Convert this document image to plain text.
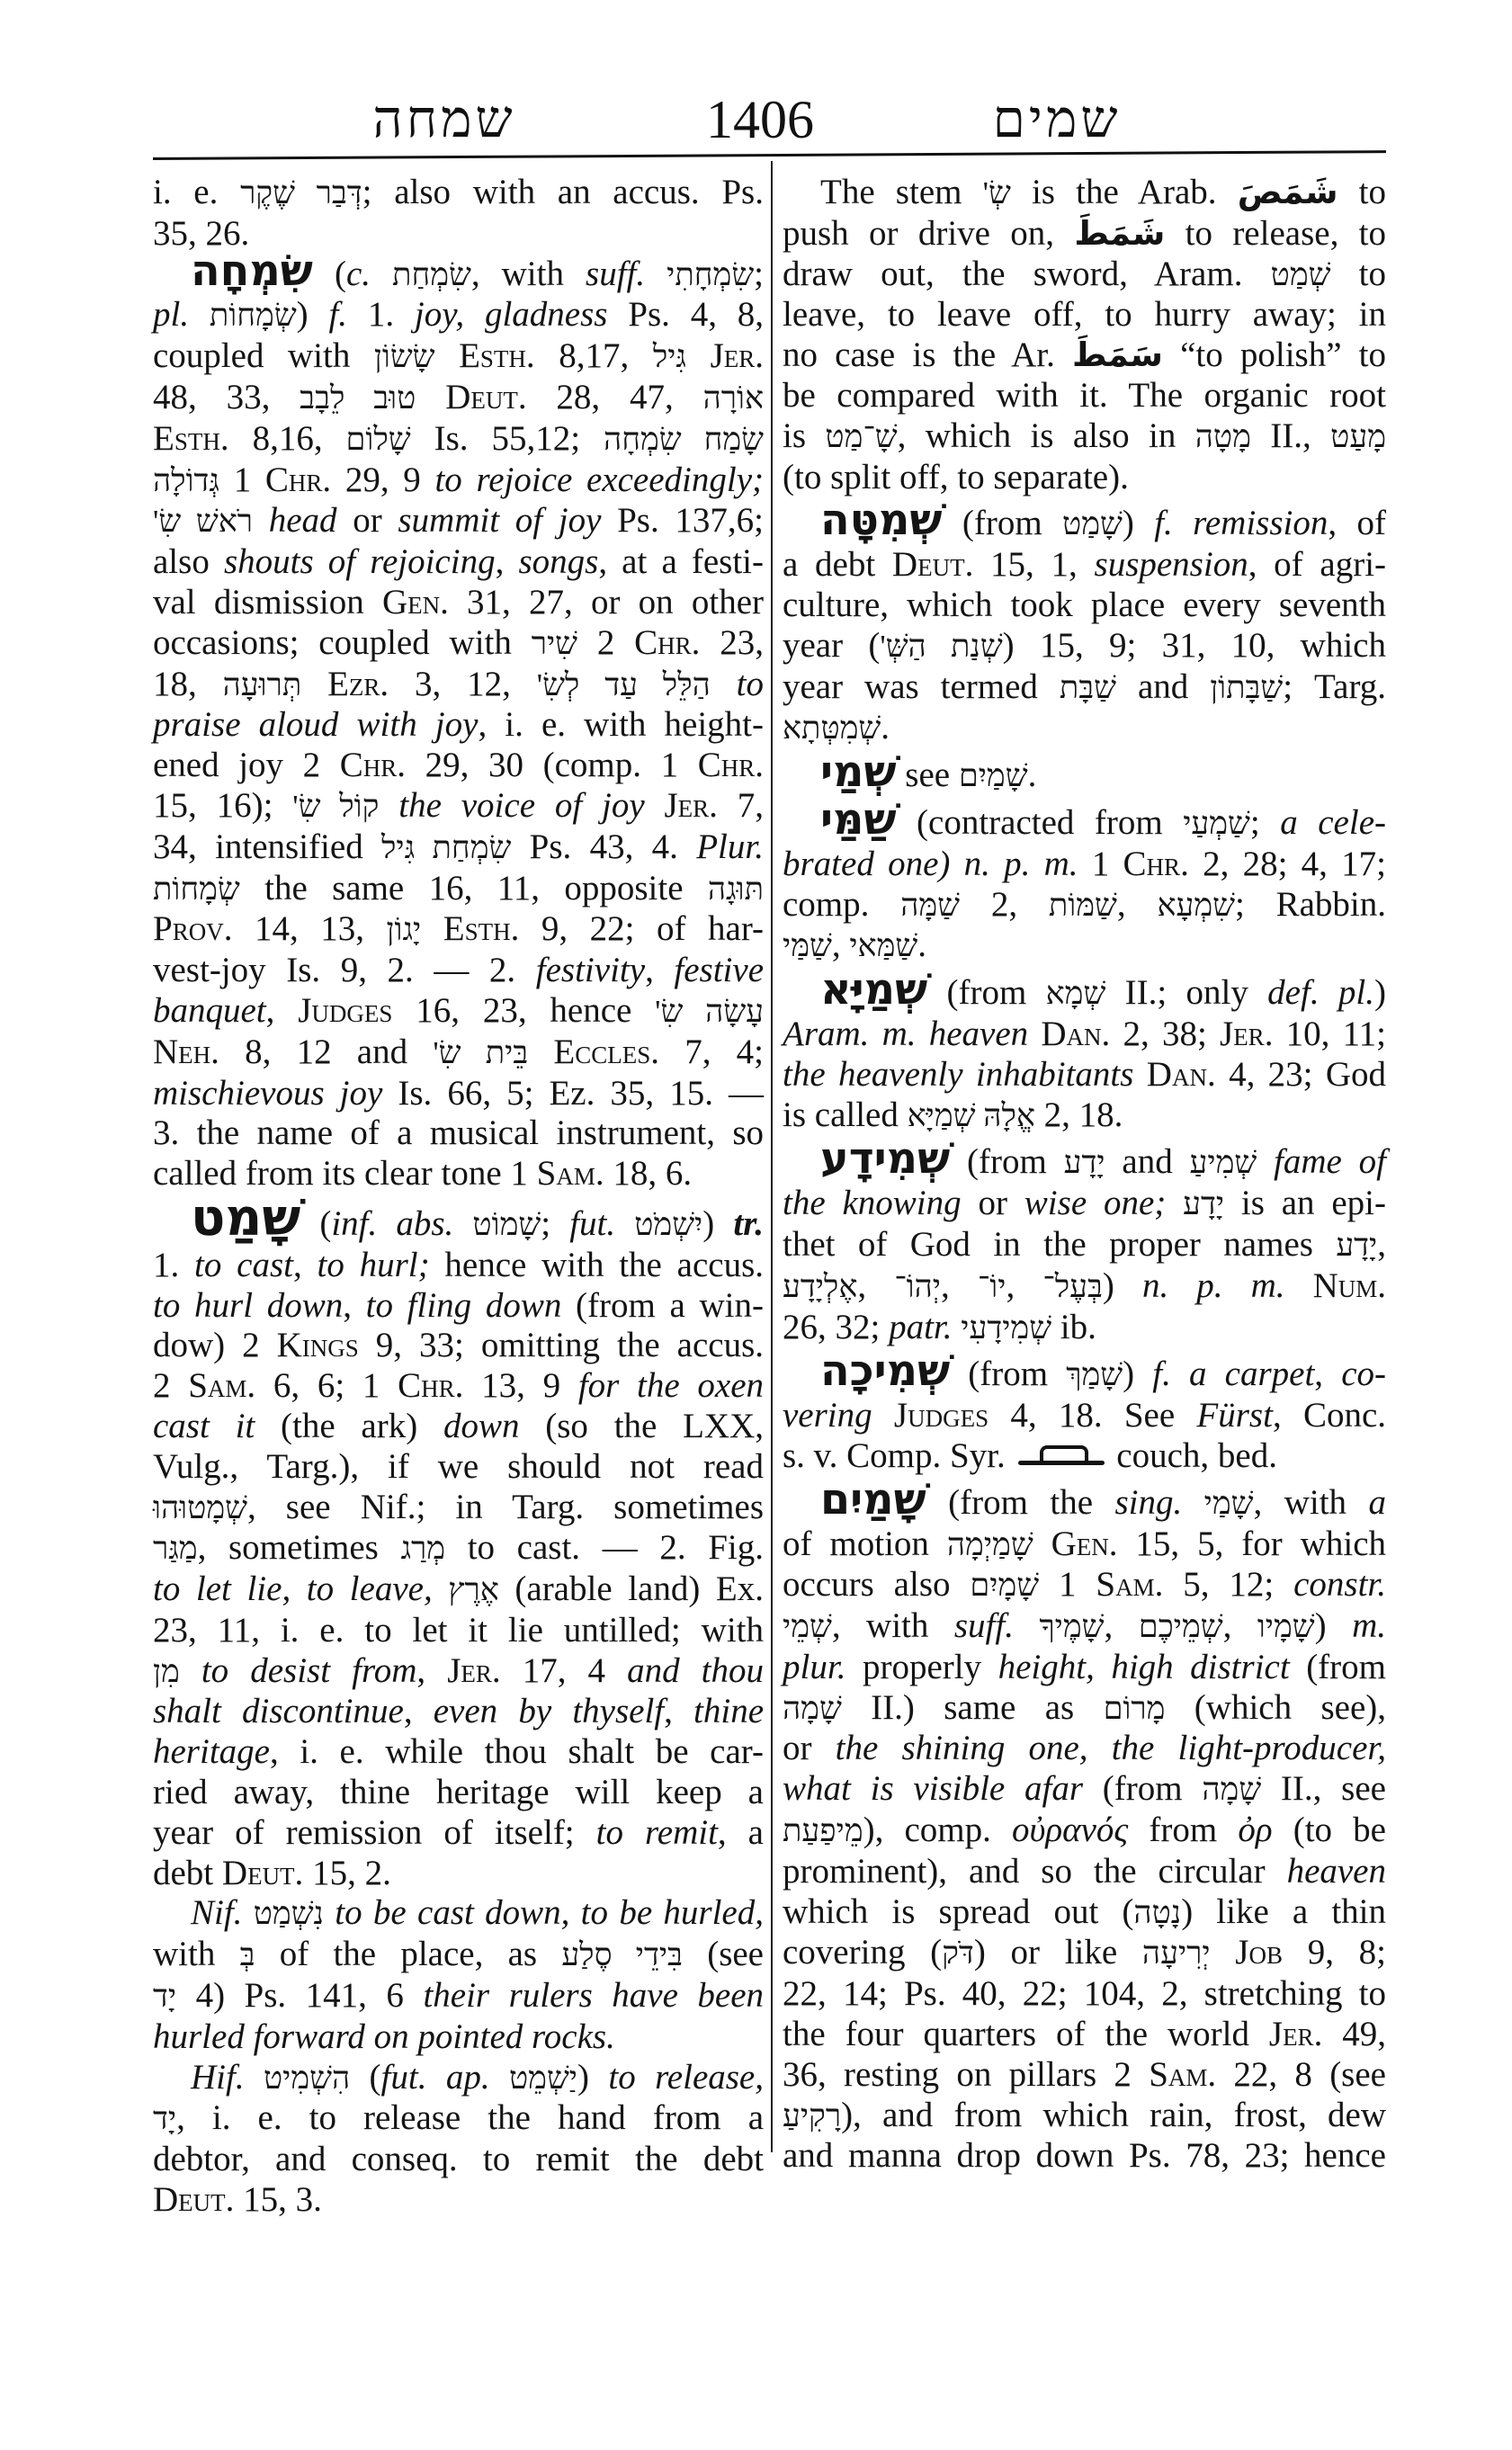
שמחה	1406	שמים
i. e. דְּבַר שֶׁקֶר; also with an accus. Ps.
35, 26.
שִׂמְחָה (c. שִׂמְחַת, with suff. שִׂמְחָתִי;
pl. שְׂמָחוֹת) f. 1. joy, gladness Ps. 4, 8,
coupled with שָׂשׂוֹן Esth. 8,17, גִּיל Jer.
48, 33, טוּב לֵבָב Deut. 28, 47, אוֹרָה
Esth. 8,16, שָׁלוֹם Is. 55,12; שָׂמַח שִׂמְחָה
גְּדוֹלָה 1 Chr. 29, 9 to rejoice exceedingly;
רֹאשׁ שִׂ' head or summit of joy Ps. 137,6;
also shouts of rejoicing, songs, at a festi-
val dismission Gen. 31, 27, or on other
occasions; coupled with שִׁיר 2 Chr. 23,
18, תְּרוּעָה Ezr. 3, 12, הַלֵּל עַד לְשִׂ' to
praise aloud with joy, i. e. with height-
ened joy 2 Chr. 29, 30 (comp. 1 Chr.
15, 16); קוֹל שִׂ' the voice of joy Jer. 7,
34, intensified שִׂמְחַת גִּיל Ps. 43, 4. Plur.
שְׂמָחוֹת the same 16, 11, opposite תּוּגָה
Prov. 14, 13, יָגוֹן Esth. 9, 22; of har-
vest-joy Is. 9, 2. — 2. festivity, festive
banquet, Judges 16, 23, hence עָשָׂה שִׂ'
Neh. 8, 12 and בֵּית שִׂ' Eccles. 7, 4;
mischievous joy Is. 66, 5; Ez. 35, 15. —
3. the name of a musical instrument, so
called from its clear tone 1 Sam. 18, 6.
שָׁמַט (inf. abs. שָׁמוֹט; fut. יִשְׁמֹט) tr.
1. to cast, to hurl; hence with the accus.
to hurl down, to fling down (from a win-
dow) 2 Kings 9, 33; omitting the accus.
2 Sam. 6, 6; 1 Chr. 13, 9 for the oxen
cast it (the ark) down (so the LXX,
Vulg., Targ.), if we should not read
שְׁמָטוּהוּ, see Nif.; in Targ. sometimes
מַגַּר, sometimes מְרַג to cast. — 2. Fig.
to let lie, to leave, אֶרֶץ (arable land) Ex.
23, 11, i. e. to let it lie untilled; with
מִן to desist from, Jer. 17, 4 and thou
shalt discontinue, even by thyself, thine
heritage, i. e. while thou shalt be car-
ried away, thine heritage will keep a
year of remission of itself; to remit, a
debt Deut. 15, 2.
Nif. נִשְׁמַט to be cast down, to be hurled,
with בְּ of the place, as בִּידֵי סֶלַע (see
יָד 4) Ps. 141, 6 their rulers have been
hurled forward on pointed rocks.
Hif. הִשְׁמִיט (fut. ap. יַשְׁמֵט) to release,
יָד, i. e. to release the hand from a
debtor, and conseq. to remit the debt
Deut. 15, 3.
The stem שְׂ' is the Arab. شَمَصَ to
push or drive on, شَمَطَ to release, to
draw out, the sword, Aram. שְׁמַט to
leave, to leave off, to hurry away; in
no case is the Ar. سَمَطَ “to polish” to
be compared with it. The organic root
is שָׁ־מַט, which is also in מָטָה II., מָעַט
(to split off, to separate).
שְׁמִטָּה (from שָׁמַט) f. remission, of
a debt Deut. 15, 1, suspension, of agri-
culture, which took place every seventh
year (שְׁנַת הַשְּׁ') 15, 9; 31, 10, which
year was termed שַׁבָּת and שַׁבָּתוֹן; Targ.
שְׁמִטְּתָא.
שְׁמַי see שָׁמַיִם.
שַׁמַּי (contracted from שַׁמְעַי; a cele-
brated one) n. p. m. 1 Chr. 2, 28; 4, 17;
comp. שַׁמָּה 2, שַׁמּוֹת, שִׁמְעָא; Rabbin.
שַׁמַּי, שַׁמַּאי.
שְׁמַיָּא (from שְׁמָא II.; only def. pl.)
Aram. m. heaven Dan. 2, 38; Jer. 10, 11;
the heavenly inhabitants Dan. 4, 23; God
is called אֱלָהּ שְׁמַיָּא 2, 18.
שְׁמִידָע (from יָדָע and שְׁמִיעַ fame of
the knowing or wise one; יָדָע is an epi-
thet of God in the proper names יָדָע,
אֶלְיָדָע, יְהוֹ־, יוֹ־, בְּעֶל־) n. p. m. Num.
26, 32; patr. שְׁמִידָעִי ib.
שְׁמִיכָה (from שָׁמַךְ) f. a carpet, co-
vering Judges 4, 18. See Fürst, Conc.
s. v. Comp. Syr.	couch, bed.
שָׁמַיִם (from the sing. שָׁמַי, with a
of motion שָׁמַיְמָה Gen. 15, 5, for which
occurs also שָׁמָיִם 1 Sam. 5, 12; constr.
שְׁמֵי, with suff. שָׁמֶיךָ, שְׁמֵיכֶם, שָׁמָיו) m.
plur. properly height, high district (from
שָׁמָה II.) same as מָרוֹם (which see),
or the shining one, the light-producer,
what is visible afar (from שָׁמָה II., see
מֵיפַעַת), comp. οὐρανός from ὀρ (to be
prominent), and so the circular heaven
which is spread out (נָטָה) like a thin
covering (דֹּק) or like יְרִיעָה Job 9, 8;
22, 14; Ps. 40, 22; 104, 2, stretching to
the four quarters of the world Jer. 49,
36, resting on pillars 2 Sam. 22, 8 (see
רָקִיעַ), and from which rain, frost, dew
and manna drop down Ps. 78, 23; hence
